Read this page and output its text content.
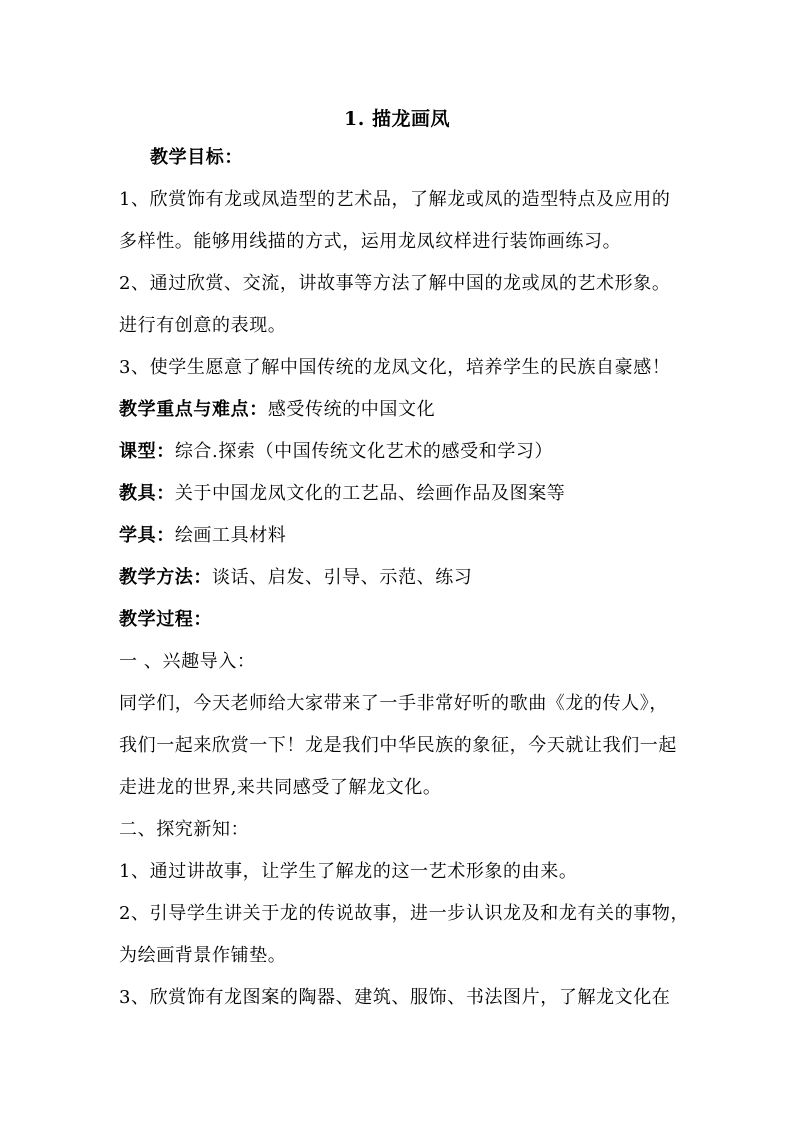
1. 描龙画凤
教学目标：
1、欣赏饰有龙或凤造型的艺术品，了解龙或凤的造型特点及应用的
多样性。能够用线描的方式，运用龙凤纹样进行装饰画练习。
2、通过欣赏、交流，讲故事等方法了解中国的龙或凤的艺术形象。
进行有创意的表现。
3、使学生愿意了解中国传统的龙凤文化，培养学生的民族自豪感！
教学重点与难点：感受传统的中国文化
课型：综合.探索（中国传统文化艺术的感受和学习）
教具：关于中国龙凤文化的工艺品、绘画作品及图案等
学具：绘画工具材料
教学方法：谈话、启发、引导、示范、练习
教学过程：
一 、兴趣导入：
同学们，今天老师给大家带来了一手非常好听的歌曲《龙的传人》，
我们一起来欣赏一下！龙是我们中华民族的象征，今天就让我们一起
走进龙的世界,来共同感受了解龙文化。
二、探究新知：
1、通过讲故事，让学生了解龙的这一艺术形象的由来。
2、引导学生讲关于龙的传说故事，进一步认识龙及和龙有关的事物，
为绘画背景作铺垫。
3、欣赏饰有龙图案的陶器、建筑、服饰、书法图片，了解龙文化在
